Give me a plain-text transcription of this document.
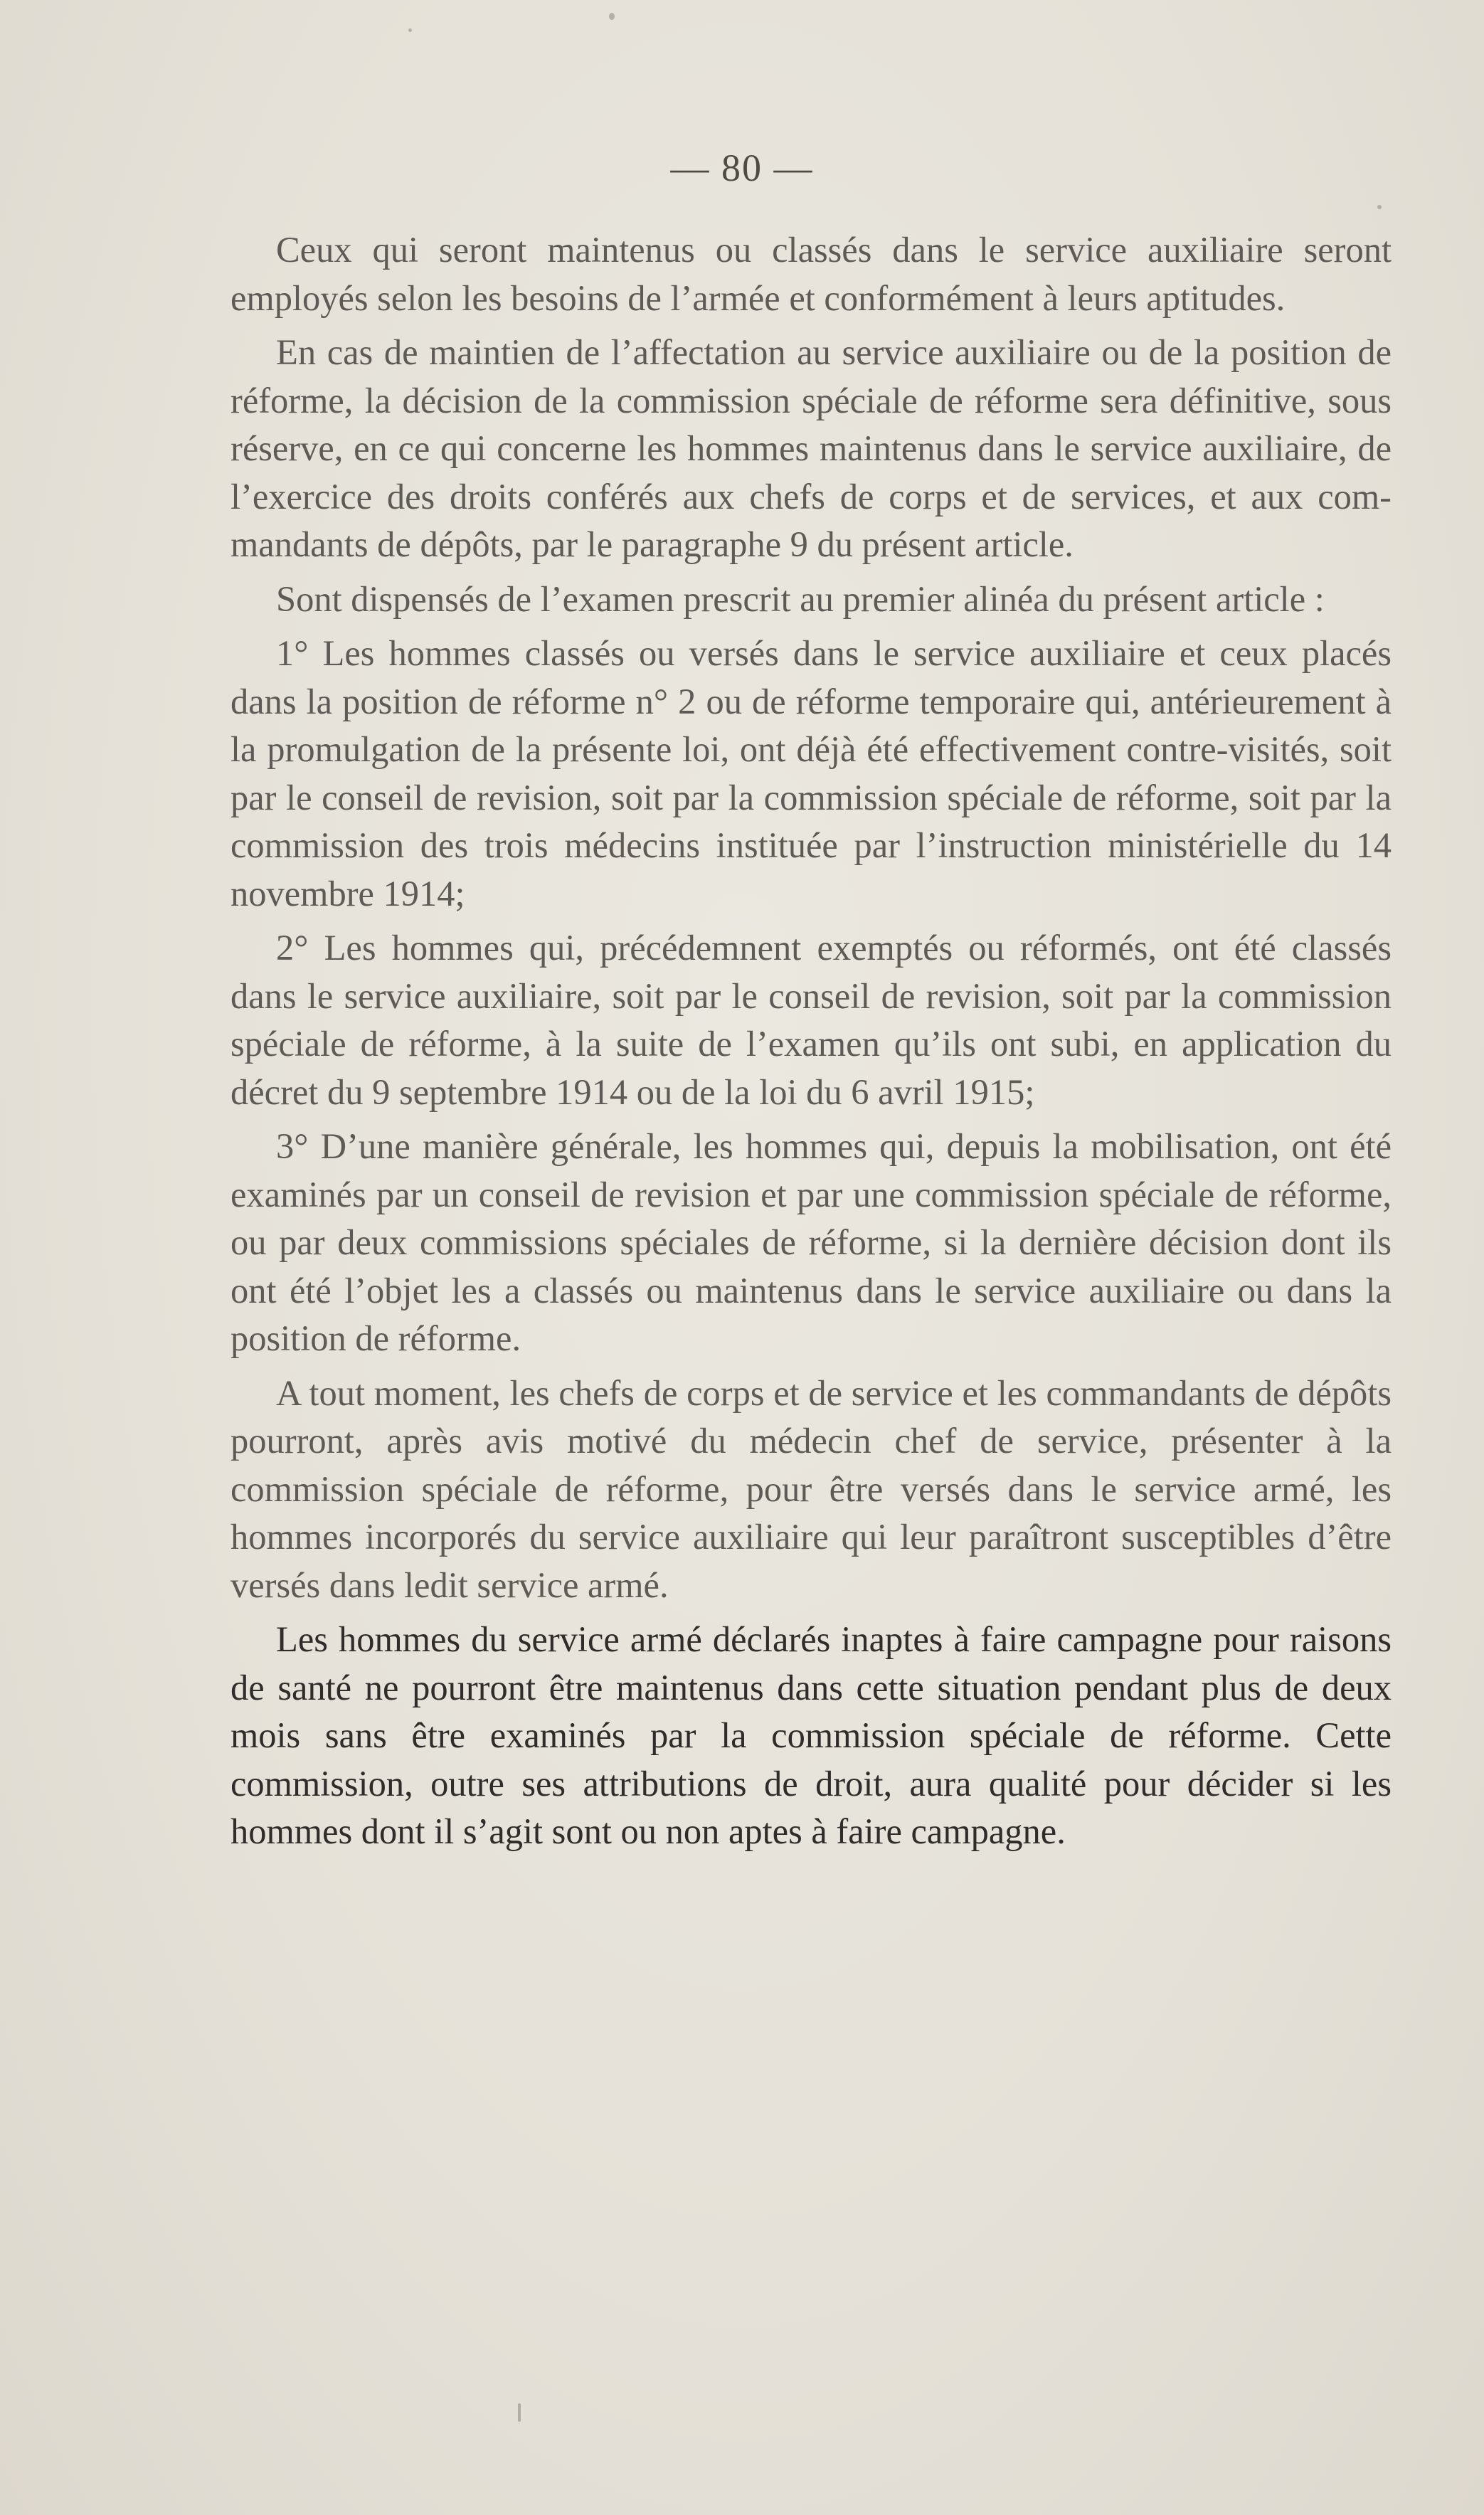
— 80 —

Ceux qui seront maintenus ou classés dans le service auxiliaire seront employés selon les besoins de l’armée et conformément à leurs aptitudes.

En cas de maintien de l’affectation au service auxiliaire ou de la position de réforme, la décision de la commission spéciale de réforme sera définitive, sous réserve, en ce qui concerne les hommes maintenus dans le service auxiliaire, de l’exercice des droits conférés aux chefs de corps et de services, et aux commandants de dépôts, par le paragraphe 9 du présent article.

Sont dispensés de l’examen prescrit au premier alinéa du présent article :

1° Les hommes classés ou versés dans le service auxiliaire et ceux placés dans la position de réforme n° 2 ou de réforme temporaire qui, antérieurement à la promulgation de la présente loi, ont déjà été effectivement contre-visités, soit par le conseil de revision, soit par la commission spéciale de réforme, soit par la commission des trois médecins instituée par l’instruction ministérielle du 14 novembre 1914;

2° Les hommes qui, précédemnent exemptés ou réformés, ont été classés dans le service auxiliaire, soit par le conseil de revision, soit par la commission spéciale de réforme, à la suite de l’examen qu’ils ont subi, en application du décret du 9 septembre 1914 ou de la loi du 6 avril 1915;

3° D’une manière générale, les hommes qui, depuis la mobilisation, ont été examinés par un conseil de revision et par une commission spéciale de réforme, ou par deux commissions spéciales de réforme, si la dernière décision dont ils ont été l’objet les a classés ou maintenus dans le service auxiliaire ou dans la position de réforme.

A tout moment, les chefs de corps et de service et les commandants de dépôts pourront, après avis motivé du médecin chef de service, présenter à la commission spéciale de réforme, pour être versés dans le service armé, les hommes incorporés du service auxiliaire qui leur paraîtront susceptibles d’être versés dans ledit service armé.

Les hommes du service armé déclarés inaptes à faire campagne pour raisons de santé ne pourront être maintenus dans cette situation pendant plus de deux mois sans être examinés par la commission spéciale de réforme. Cette commission, outre ses attributions de droit, aura qualité pour décider si les hommes dont il s’agit sont ou non aptes à faire campagne.
